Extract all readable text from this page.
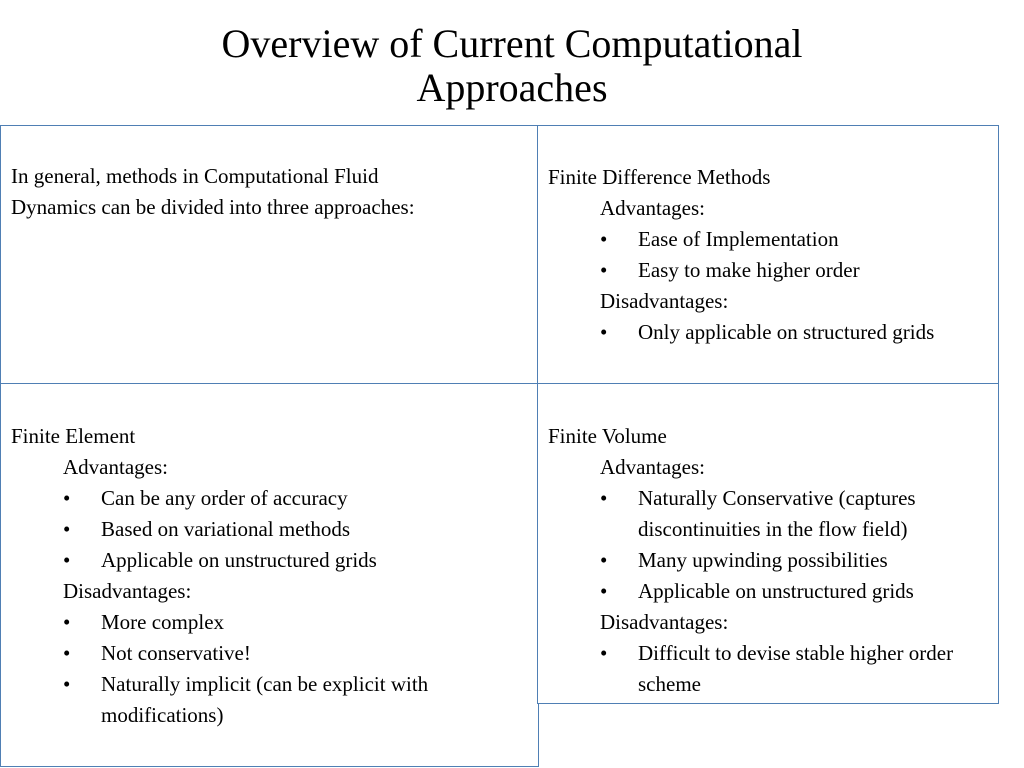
Overview of Current Computational
Approaches

In general, methods in Computational Fluid
Dynamics can be divided into three approaches:

Finite Difference Methods
Advantages:
• Ease of Implementation
• Easy to make higher order
Disadvantages:
• Only applicable on structured grids
Finite Element
Advantages:
• Can be any order of accuracy
• Based on variational methods
• Applicable on unstructured grids
Disadvantages:
• More complex
• Not conservative!
• Naturally implicit (can be explicit with modifications)
Finite Volume
Advantages:
• Naturally Conservative (captures discontinuities in the flow field)
• Many upwinding possibilities
• Applicable on unstructured grids
Disadvantages:
• Difficult to devise stable higher order scheme
